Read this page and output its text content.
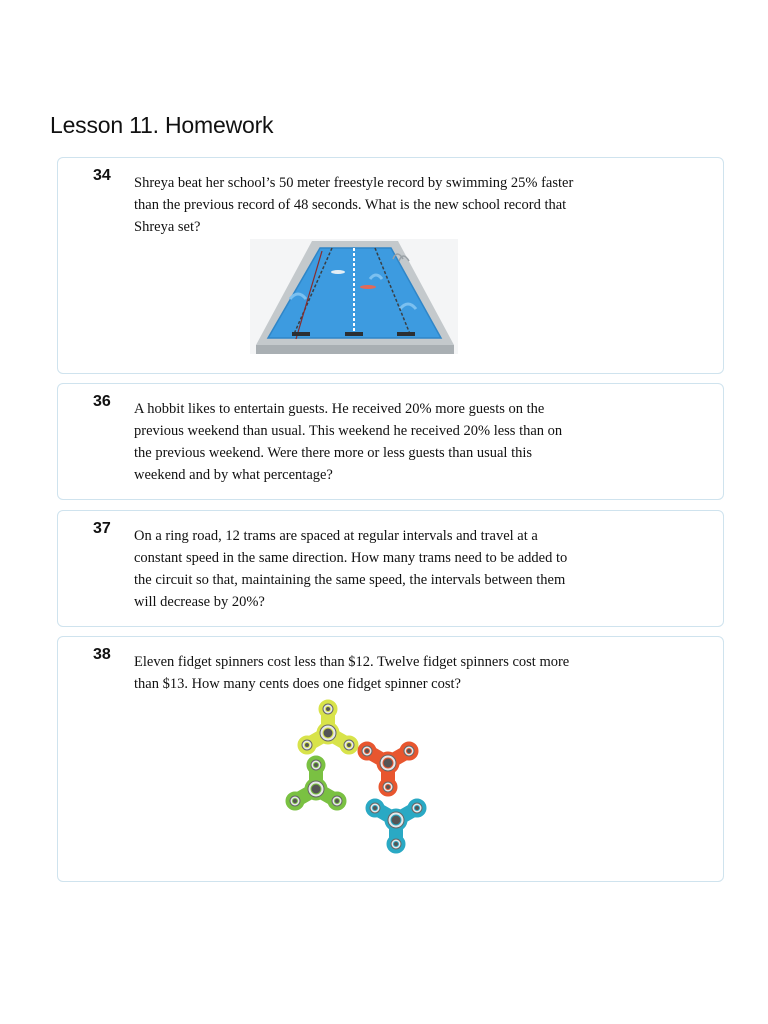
Lesson 11. Homework
34 Shreya beat her school’s 50 meter freestyle record by swimming 25% faster than the previous record of 48 seconds. What is the new school record that Shreya set?
36 A hobbit likes to entertain guests. He received 20% more guests on the previous weekend than usual. This weekend he received 20% less than on the previous weekend. Were there more or less guests than usual this weekend and by what percentage?
37 On a ring road, 12 trams are spaced at regular intervals and travel at a constant speed in the same direction. How many trams need to be added to the circuit so that, maintaining the same speed, the intervals between them will decrease by 20%?
38 Eleven fidget spinners cost less than $12. Twelve fidget spinners cost more than $13. How many cents does one fidget spinner cost?
